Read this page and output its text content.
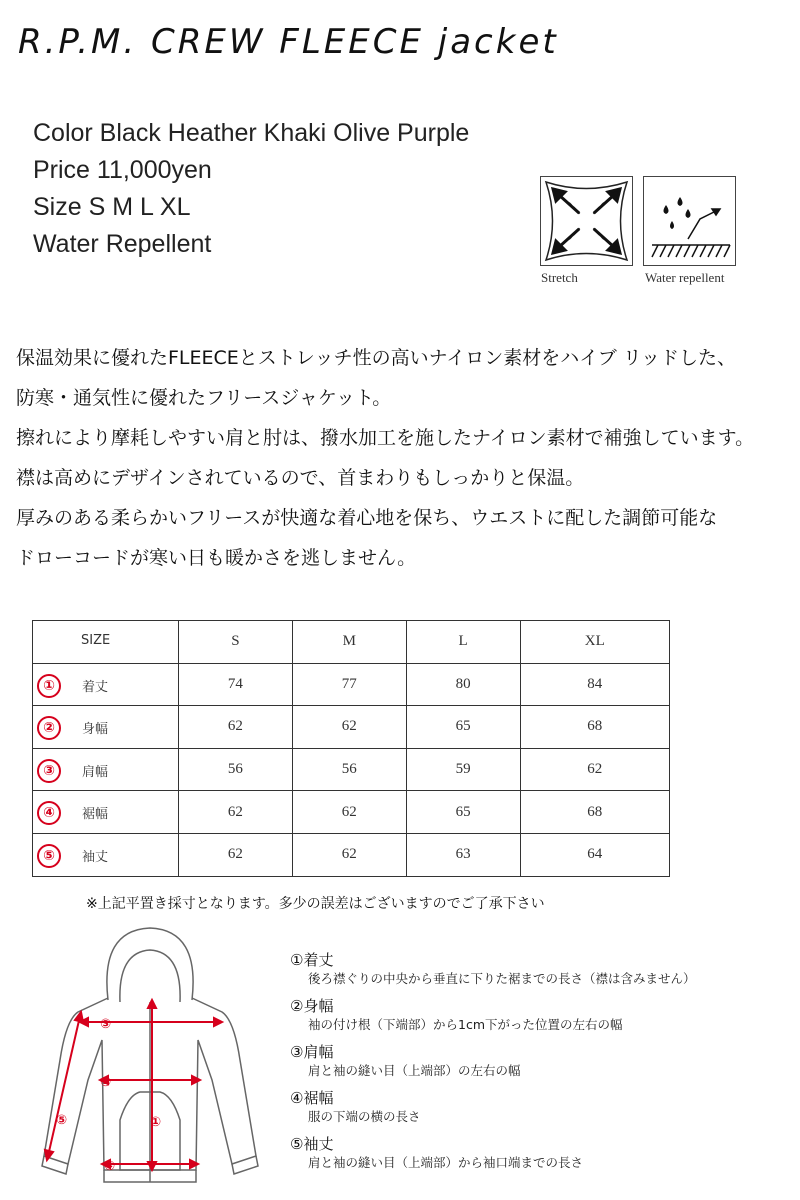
R.P.M. CREW FLEECE jacket
Color Black Heather Khaki Olive Purple
Price 11,000yen
Size S M L XL
Water Repellent
Stretch	Water repellent
保温効果に優れたFLEECEとストレッチ性の高いナイロン素材をハイブ リッドした、
防寒・通気性に優れたフリースジャケット。
擦れにより摩耗しやすい肩と肘は、撥水加工を施したナイロン素材で補強しています。
襟は高めにデザインされているので、首まわりもしっかりと保温。
厚みのある柔らかいフリースが快適な着心地を保ち、ウエストに配した調節可能な
ドローコードが寒い日も暖かさを逃しません。
SIZE	S	M	L	XL

① 着丈	74	77	80	84

② 身幅	62	62	65	68

③ 肩幅	56	56	59	62

④ 裾幅	62	62	65	68

⑤ 袖丈	62	62	63	64
※上記平置き採寸となります。多少の誤差はございますのでご了承下さい
③
②
⑤	①
④
①着丈
後ろ襟ぐりの中央から垂直に下りた裾までの長さ（襟は含みません）
②身幅
袖の付け根（下端部）から1cm下がった位置の左右の幅
③肩幅
肩と袖の縫い目（上端部）の左右の幅
④裾幅
服の下端の横の長さ
⑤袖丈
肩と袖の縫い目（上端部）から袖口端までの長さ
